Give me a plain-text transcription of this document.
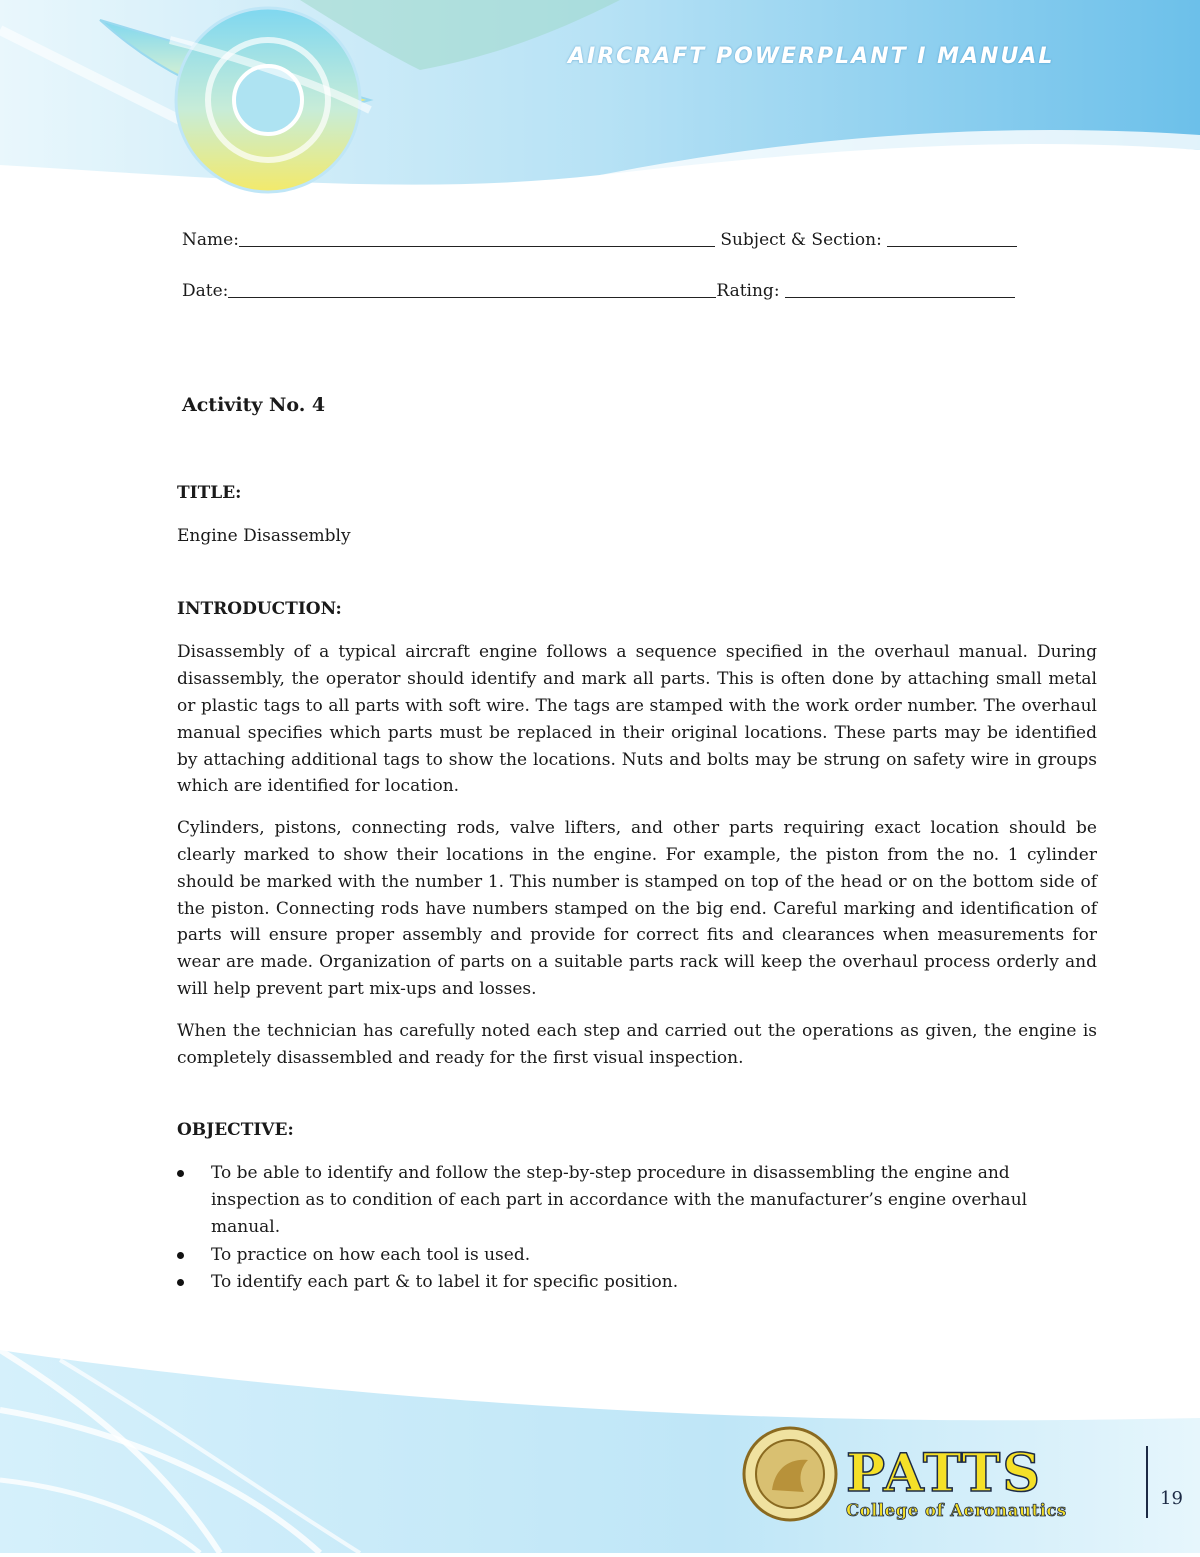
AIRCRAFT POWERPLANT I MANUAL
Name:	Subject & Section:
Date:	Rating:
Activity No. 4

TITLE:

Engine Disassembly

INTRODUCTION:

Disassembly of a typical aircraft engine follows a sequence specified in the overhaul manual. During disassembly, the operator should identify and mark all parts. This is often done by attaching small metal or plastic tags to all parts with soft wire. The tags are stamped with the work order number. The overhaul manual specifies which parts must be replaced in their original locations. These parts may be identified by attaching additional tags to show the locations. Nuts and bolts may be strung on safety wire in groups which are identified for location.

Cylinders, pistons, connecting rods, valve lifters, and other parts requiring exact location should be clearly marked to show their locations in the engine. For example, the piston from the no. 1 cylinder should be marked with the number 1. This number is stamped on top of the head or on the bottom side of the piston. Connecting rods have numbers stamped on the big end. Careful marking and identification of parts will ensure proper assembly and provide for correct fits and clearances when measurements for wear are made. Organization of parts on a suitable parts rack will keep the overhaul process orderly and will help prevent part mix-ups and losses.

When the technician has carefully noted each step and carried out the operations as given, the engine is completely disassembled and ready for the first visual inspection.

OBJECTIVE:

To be able to identify and follow the step-by-step procedure in disassembling the engine and inspection as to condition of each part in accordance with the manufacturer’s engine overhaul manual.
To practice on how each tool is used.
To identify each part & to label it for specific position.
PATTS
College of Aeronautics
19
